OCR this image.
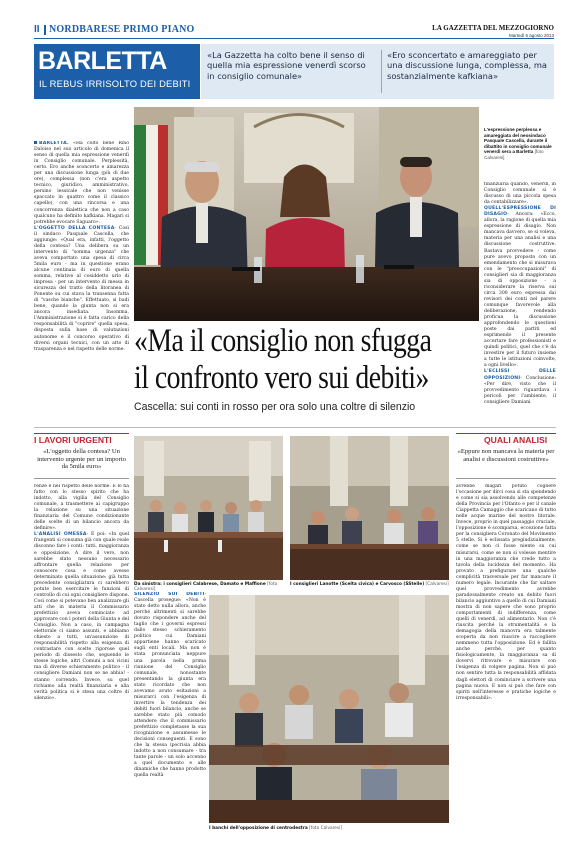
II NORDBARESE PRIMO PIANO	LA GAZZETTA DEL MEZZOGIORNO
Martedì 6 agosto 2013
BARLETTA
IL REBUS IRRISOLTO DEI DEBITI
«La Gazzetta ha colto bene il senso di quella mia espressione venerdì scorso in consiglio comunale»
«Ero sconcertato e amareggiato per una discussione lunga, complessa, ma sostanzialmente kafkiana»
BARLETTA. «Ha colto bene Rino Daloiso nel suo articolo di domenica il senso di quella mia espressione venerdì in Consiglio comunale. Perplessità, certo. Ero anche sconcerto e amarezza per una discussione lunga (più di due ore), complessa (non c'era aspetto tecnico, giuridico, amministrativo, persino lessicale che non venisse spaccato in quattro come il classico capello), con una rincorsa e una concorrenza dialettica che non a caso qualcuno ha definito kafkiana. Magari si potrebbe evocare Saguaro».
L'OGGETTO DELLA CONTESA- Così il sindaco Pasquale Cascella, che aggiunge: «Qual era, infatti, l'oggetto della contesa? Una delibera su un intervento di "somma urgenza" che aveva comportato una spesa di circa 5mila euro - ma in questione erano alcune centinaia di euro di quella somma, relative al cosiddetto urlo di impresa - per un intervento di messa in sicurezza del tratto della litoranea di Ponente su cui stava la transenna fatta di "vasche bianche". Effettuato, si badi bene, quando la giunta non si era ancora insediata. Insomma, l'Amministrazione si è fatta carico della responsabilità di "coprire" quella spesa, disposta sulla base di valutazioni autonome e il concorso operativo di diversi organi tecnici, con un atto di trasparenza e nel rispetto delle norme.
L'espressione perplessa e amareggiata del neosindaco Pasquale Cascella, durante il dibattito in consiglio comunale venerdì sera a Barletta [foto Calvaresi]
finanziaria quando, venerdì, in Consiglio comunale si è discusso di una piccola spesa da contabilizzare».
QUELL'ESPRESSIONE DI DISAGIO- Ancora: «Ecco, allora, la ragione di quella mia espressione di disagio. Non mancava davvero, se si voleva, materia per una analisi e una discussione costruttive. Bastava provvedere - come pure avevo proposto con un emendamento che si misurava con le "preoccupazioni" di consiglieri sia di maggioranza sia di opposizione - a riconsiderare la riserva sui circa 300 euro espressa dai revisori dei conti nel parere comunque favorevole alla deliberazione, rendendo proficua la discussione approfondendo le questioni poste dai partiti ed esprimendo il presente accertare fare professionisti e quindi politici, quel che c'è da investire per il futuro insieme a tutte le istituzioni coinvolte, a ogni livello».
L'ECLISSI DELLE OPPOSIZIONI- Conclusione: «Per dire, visto che il provvedimento riguardava i pericoli per l'ambiente, il consigliere Damiani
«Ma il consiglio non sfugga
il confronto vero sui debiti»
Cascella: sui conti in rosso per ora solo una coltre di silenzio
I LAVORI URGENTI
«L'oggetto della contesa? Un intervento urgente per un importo da 5mila euro»
renze e nel rispetto delle norme. E lo ha fatto con lo stesso spirito che ha indotto, alla vigilia del Consiglio comunale, a trasmettere ai capigruppo la relazione su una situazione finanziaria del Comune condizionante delle scelte di un bilancio ancora da definire».
L'ANALISI OMESSA- E poi: «In quel frangenti si consuma già con quale reale disconno fare i conti: tutti, maggioranza e opposizione. A dire il vero, non sarebbe stato nessuno necessario affrontare quella relazione per conoscere cosa e come avesse determinato quella situazione: già tutta precedente consigliatura ci sarebbero potute ben esercitare le funzioni di controllo di cui ogni consigliere dispone. Così come si potevano ben analizzare gli atti che in materia il Commissario prefettizio aveva cominciato ad approvare con i poteri della Giunta e del Consiglio. Non a caso, in campagna elettorale ci siamo assunti, e abbiamo chiesto a tutti, un'assunzione di responsabilità rispetto alla esigenza di contrastare con scelte rigorose quel periodo di dissesto che, seguendo le stesse logiche, altri Comuni a noi vicini ma di diverse schieramento politico - il consigliere Damiani non se ne abbia! - stanno correndo. Invece, su quel richiamo alla realtà finanziaria e alla verità politica si è stesa una coltre di silenzio».
Da sinistra: i consiglieri Calabrese, Damato e Maffione [foto Calvaresi]
I consiglieri Lanotte (Scelta civica) e Carvosco (SStelle) [Calvaresi]
QUALI ANALISI
«Eppure non mancava la materia per analisi e discussioni costruttive»
avrebbe magari potuto cogliere l'occasione per dirci cosa si sta spendendo e come si sia assolvendo alle competenze della Provincia per l'Ofanto e per il canale Ciappetta Camaggio che scaricano di tutto nelle acque marine del nostro litorale. Invece, proprio in quel passaggio cruciale, l'opposizione è scomparsa, eccezione fatta per la consigliera Coronato del Movimento 5 stelle. Si è eclissata pregiudizialmente, come se non ci fosse niente su cui misurarsi, come se non si volesse mentire in una maggioranza che crede tutto a tavola della lucidezza del momento. Ha provato a prefigurare una qualche complicità trasversale per far mancare il numero legale. Incurante che far saltare quel provvedimento avrebbe paradossalmente creato un debito fuori bilancio aggiuntivo a quello di cui Damiani mostra di non sapere che sono proprio comportamenti di indifferenza, come quelli di venerdì, ad alimentarlo. Non c'è riuscita perché la strumentalità e la demagogia della manovra era talmente scoperta da non riuscire a raccogliere nemmeno tutta l'opposizione. Ed è fallita anche perché, per quanto fisiologicamente, la maggioranza sa di dovervi ritrovare e misurare con l'esigenza di volgere pagina. Non si può non sentire tutta la responsabilità affidata dagli elettori di cominciare a scrivere una pagina nuova. E non si può che fare con spiriti nell'interesse e pratiche logiche e irresponsabili».
SILENZIO SUI DEBITI- Cascella prosegue: «Non è stato detto nulla allora, anche perché altrimenti si sarebbe dovuto rispondere anche del taglio che i governi espressi dallo stesso schieramento politico cui Damiani appartiene hanno scaricato sugli enti locali. Ma non è stata pronunciata neppure una parola nella prima riunione del Consiglio comunale, nonostante presentando la giunta era stato ricordato che non avevamo avuto esitazioni a misurarci con l'esigenza di invertire la tendenza dei debiti fuori bilancio, anche se sarebbe stato più comodo attendere che il commissario prefettizio completasse la sua ricognizione e assumesse le decisioni conseguenti. E sono che la stessa ipocrisia abbia indotto a non consumare - tra tante parole - un solo accenno a quel documento e alle dinamiche che hanno prodotto quella realtà
I banchi dell'opposizione di centrodestra [foto Calvaresi]
